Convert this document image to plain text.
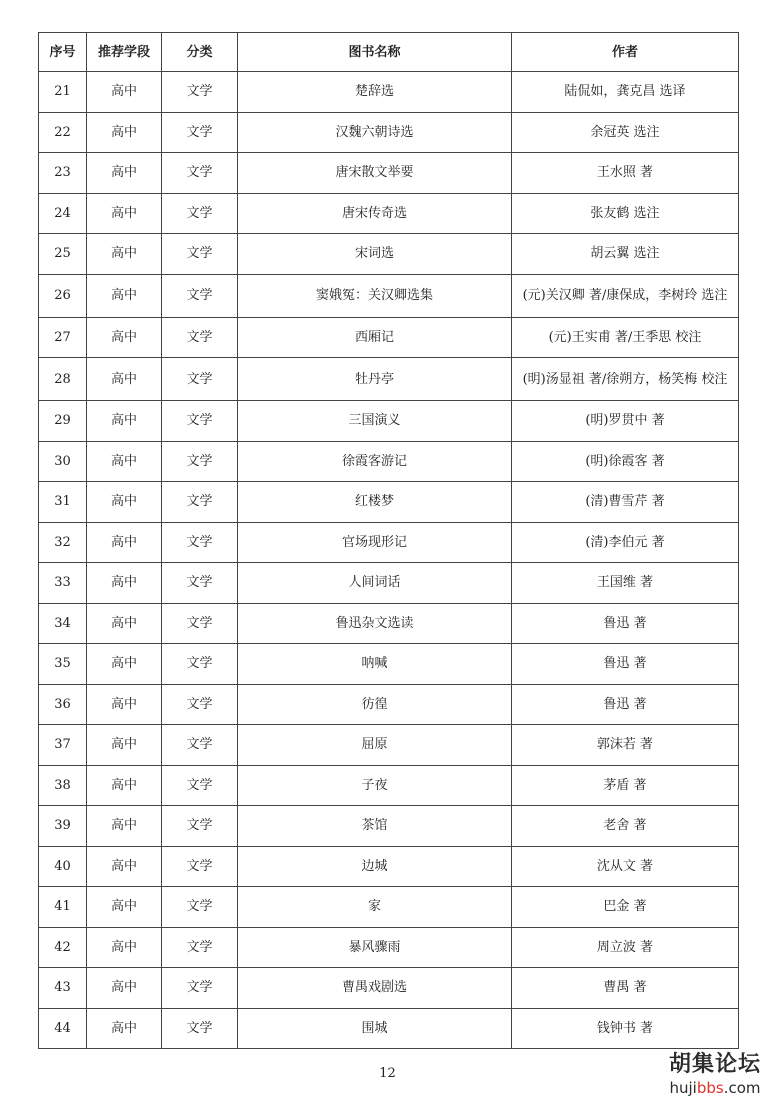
序号	推荐学段	分类	图书名称	作者
21	高中	文学	楚辞选	陆侃如，龚克昌 选译
22	高中	文学	汉魏六朝诗选	余冠英 选注
23	高中	文学	唐宋散文举要	王水照 著
24	高中	文学	唐宋传奇选	张友鹤 选注
25	高中	文学	宋词选	胡云翼 选注
26	高中	文学	窦娥冤：关汉卿选集	(元)关汉卿 著/康保成，李树玲 选注
27	高中	文学	西厢记	(元)王实甫 著/王季思 校注
28	高中	文学	牡丹亭	(明)汤显祖 著/徐朔方，杨笑梅 校注
29	高中	文学	三国演义	(明)罗贯中 著
30	高中	文学	徐霞客游记	(明)徐霞客 著
31	高中	文学	红楼梦	(清)曹雪芹 著
32	高中	文学	官场现形记	(清)李伯元 著
33	高中	文学	人间词话	王国维 著
34	高中	文学	鲁迅杂文选读	鲁迅 著
35	高中	文学	呐喊	鲁迅 著
36	高中	文学	彷徨	鲁迅 著
37	高中	文学	屈原	郭沫若 著
38	高中	文学	子夜	茅盾 著
39	高中	文学	茶馆	老舍 著
40	高中	文学	边城	沈从文 著
41	高中	文学	家	巴金 著
42	高中	文学	暴风骤雨	周立波 著
43	高中	文学	曹禺戏剧选	曹禺 著
44	高中	文学	围城	钱钟书 著
12	胡集论坛
hujibbs.com
